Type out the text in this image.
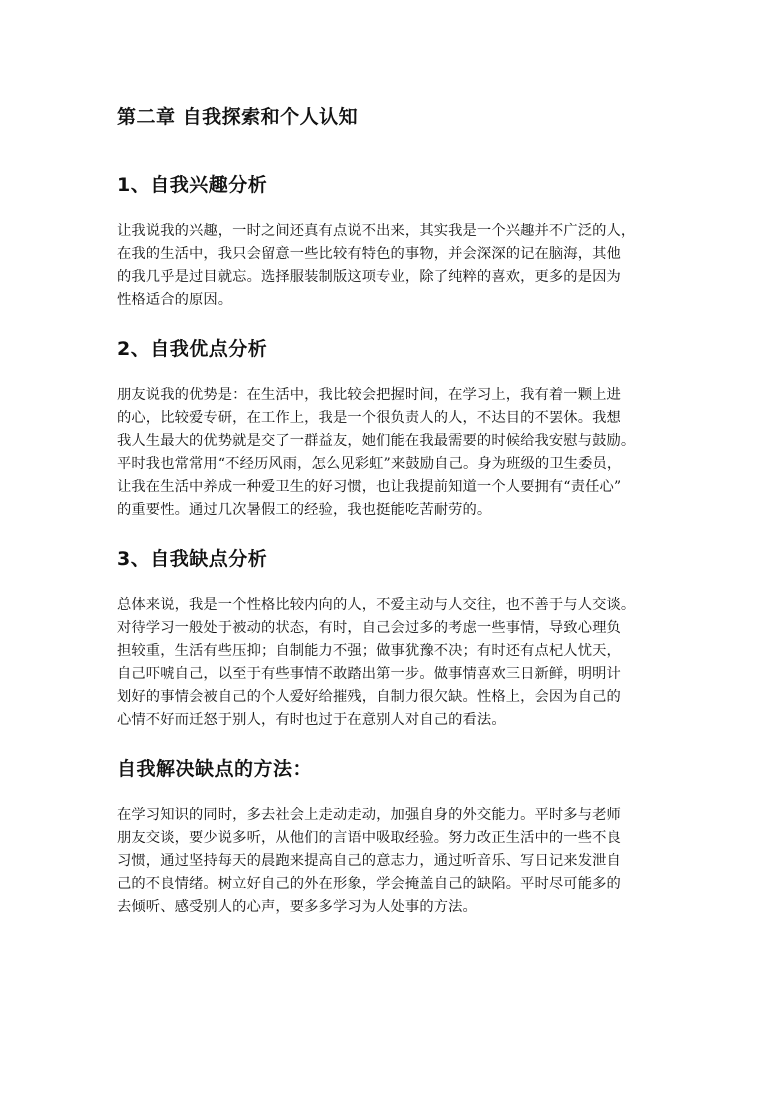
第二章 自我探索和个人认知
1、自我兴趣分析
让我说我的兴趣，一时之间还真有点说不出来，其实我是一个兴趣并不广泛的人，
在我的生活中，我只会留意一些比较有特色的事物，并会深深的记在脑海，其他
的我几乎是过目就忘。选择服装制版这项专业，除了纯粹的喜欢，更多的是因为
性格适合的原因。
2、自我优点分析
朋友说我的优势是：在生活中，我比较会把握时间，在学习上，我有着一颗上进
的心，比较爱专研，在工作上，我是一个很负责人的人，不达目的不罢休。我想
我人生最大的优势就是交了一群益友，她们能在我最需要的时候给我安慰与鼓励。
平时我也常常用“不经历风雨，怎么见彩虹”来鼓励自己。身为班级的卫生委员，
让我在生活中养成一种爱卫生的好习惯，也让我提前知道一个人要拥有“责任心”
的重要性。通过几次暑假工的经验，我也挺能吃苦耐劳的。
3、自我缺点分析
总体来说，我是一个性格比较内向的人，不爱主动与人交往，也不善于与人交谈。
对待学习一般处于被动的状态，有时，自己会过多的考虑一些事情，导致心理负
担较重，生活有些压抑；自制能力不强；做事犹豫不决；有时还有点杞人忧天，
自己吓唬自己，以至于有些事情不敢踏出第一步。做事情喜欢三日新鲜，明明计
划好的事情会被自己的个人爱好给摧残，自制力很欠缺。性格上，会因为自己的
心情不好而迁怒于别人，有时也过于在意别人对自己的看法。
自我解决缺点的方法：
在学习知识的同时，多去社会上走动走动，加强自身的外交能力。平时多与老师
朋友交谈，要少说多听，从他们的言语中吸取经验。努力改正生活中的一些不良
习惯，通过坚持每天的晨跑来提高自己的意志力，通过听音乐、写日记来发泄自
己的不良情绪。树立好自己的外在形象，学会掩盖自己的缺陷。平时尽可能多的
去倾听、感受别人的心声，要多多学习为人处事的方法。
